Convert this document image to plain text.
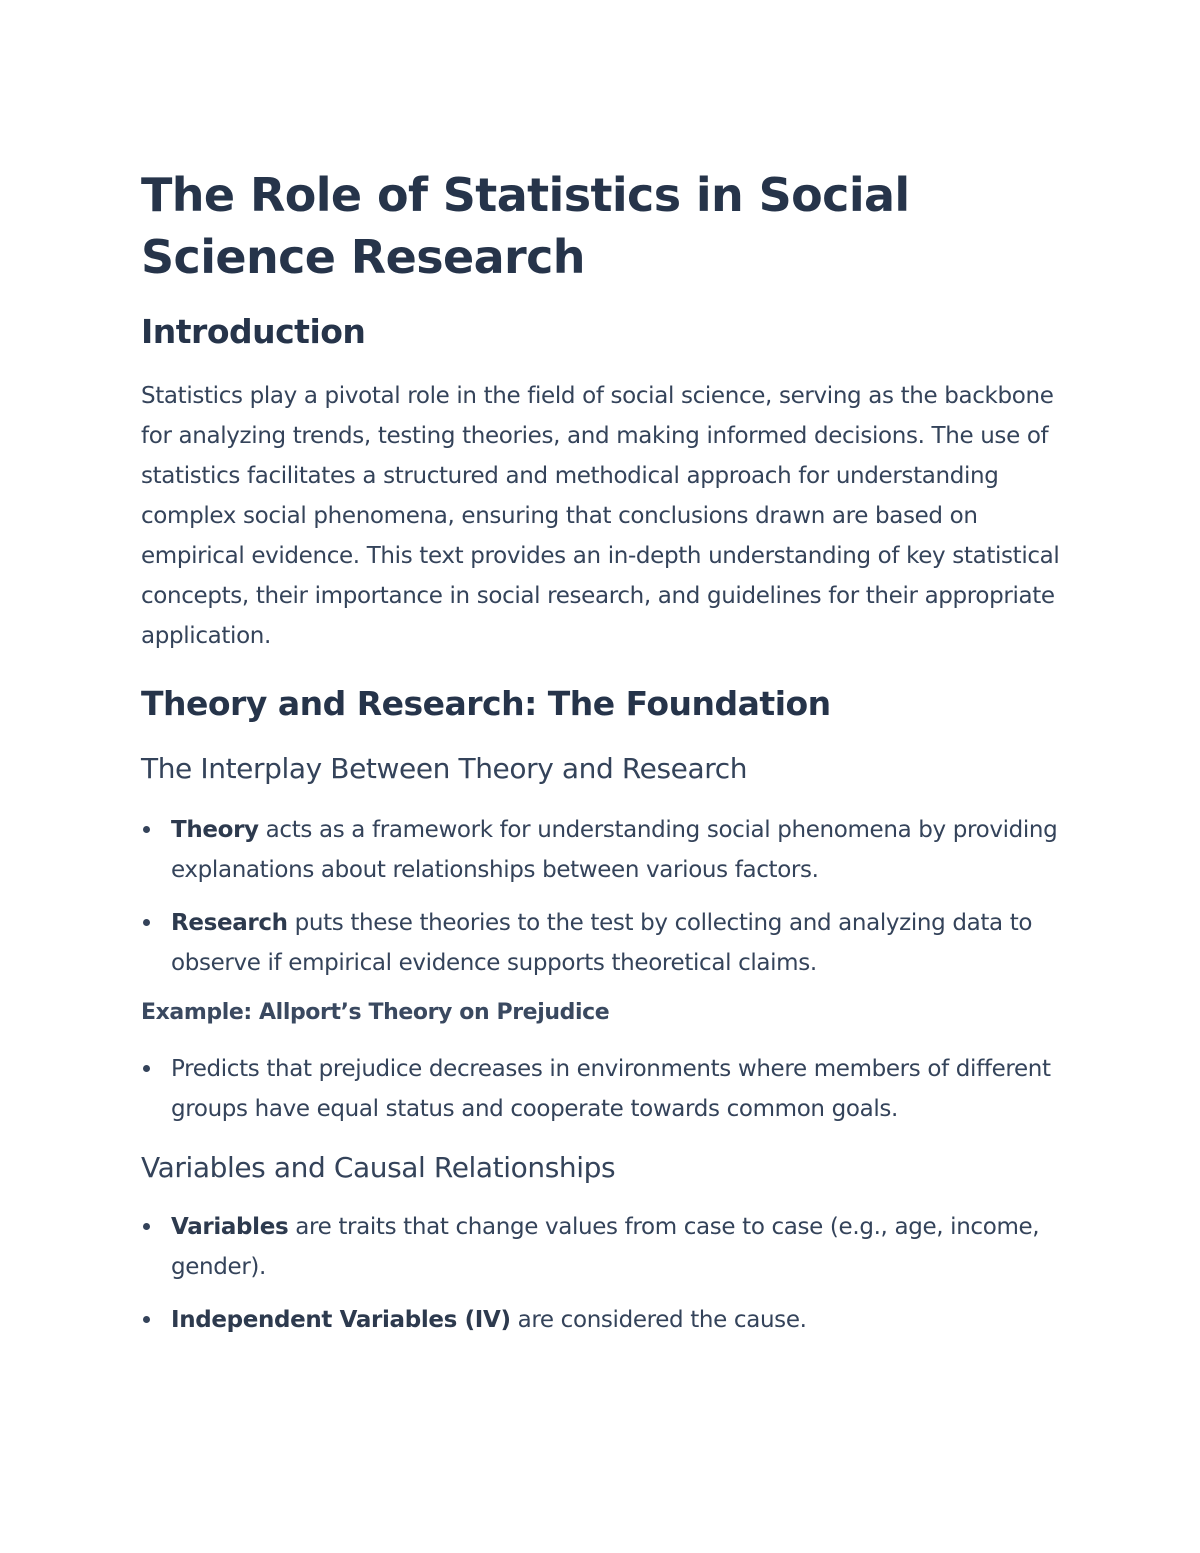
The Role of Statistics in Social Science Research
Introduction

Statistics play a pivotal role in the field of social science, serving as the backbone for analyzing trends, testing theories, and making informed decisions. The use of statistics facilitates a structured and methodical approach for understanding complex social phenomena, ensuring that conclusions drawn are based on empirical evidence. This text provides an in-depth understanding of key statistical concepts, their importance in social research, and guidelines for their appropriate application.

Theory and Research: The Foundation
The Interplay Between Theory and Research
Theory acts as a framework for understanding social phenomena by providing explanations about relationships between various factors.
Research puts these theories to the test by collecting and analyzing data to observe if empirical evidence supports theoretical claims.
Example: Allport’s Theory on Prejudice
Predicts that prejudice decreases in environments where members of different groups have equal status and cooperate towards common goals.
Variables and Causal Relationships
Variables are traits that change values from case to case (e.g., age, income, gender).
Independent Variables (IV) are considered the cause.
